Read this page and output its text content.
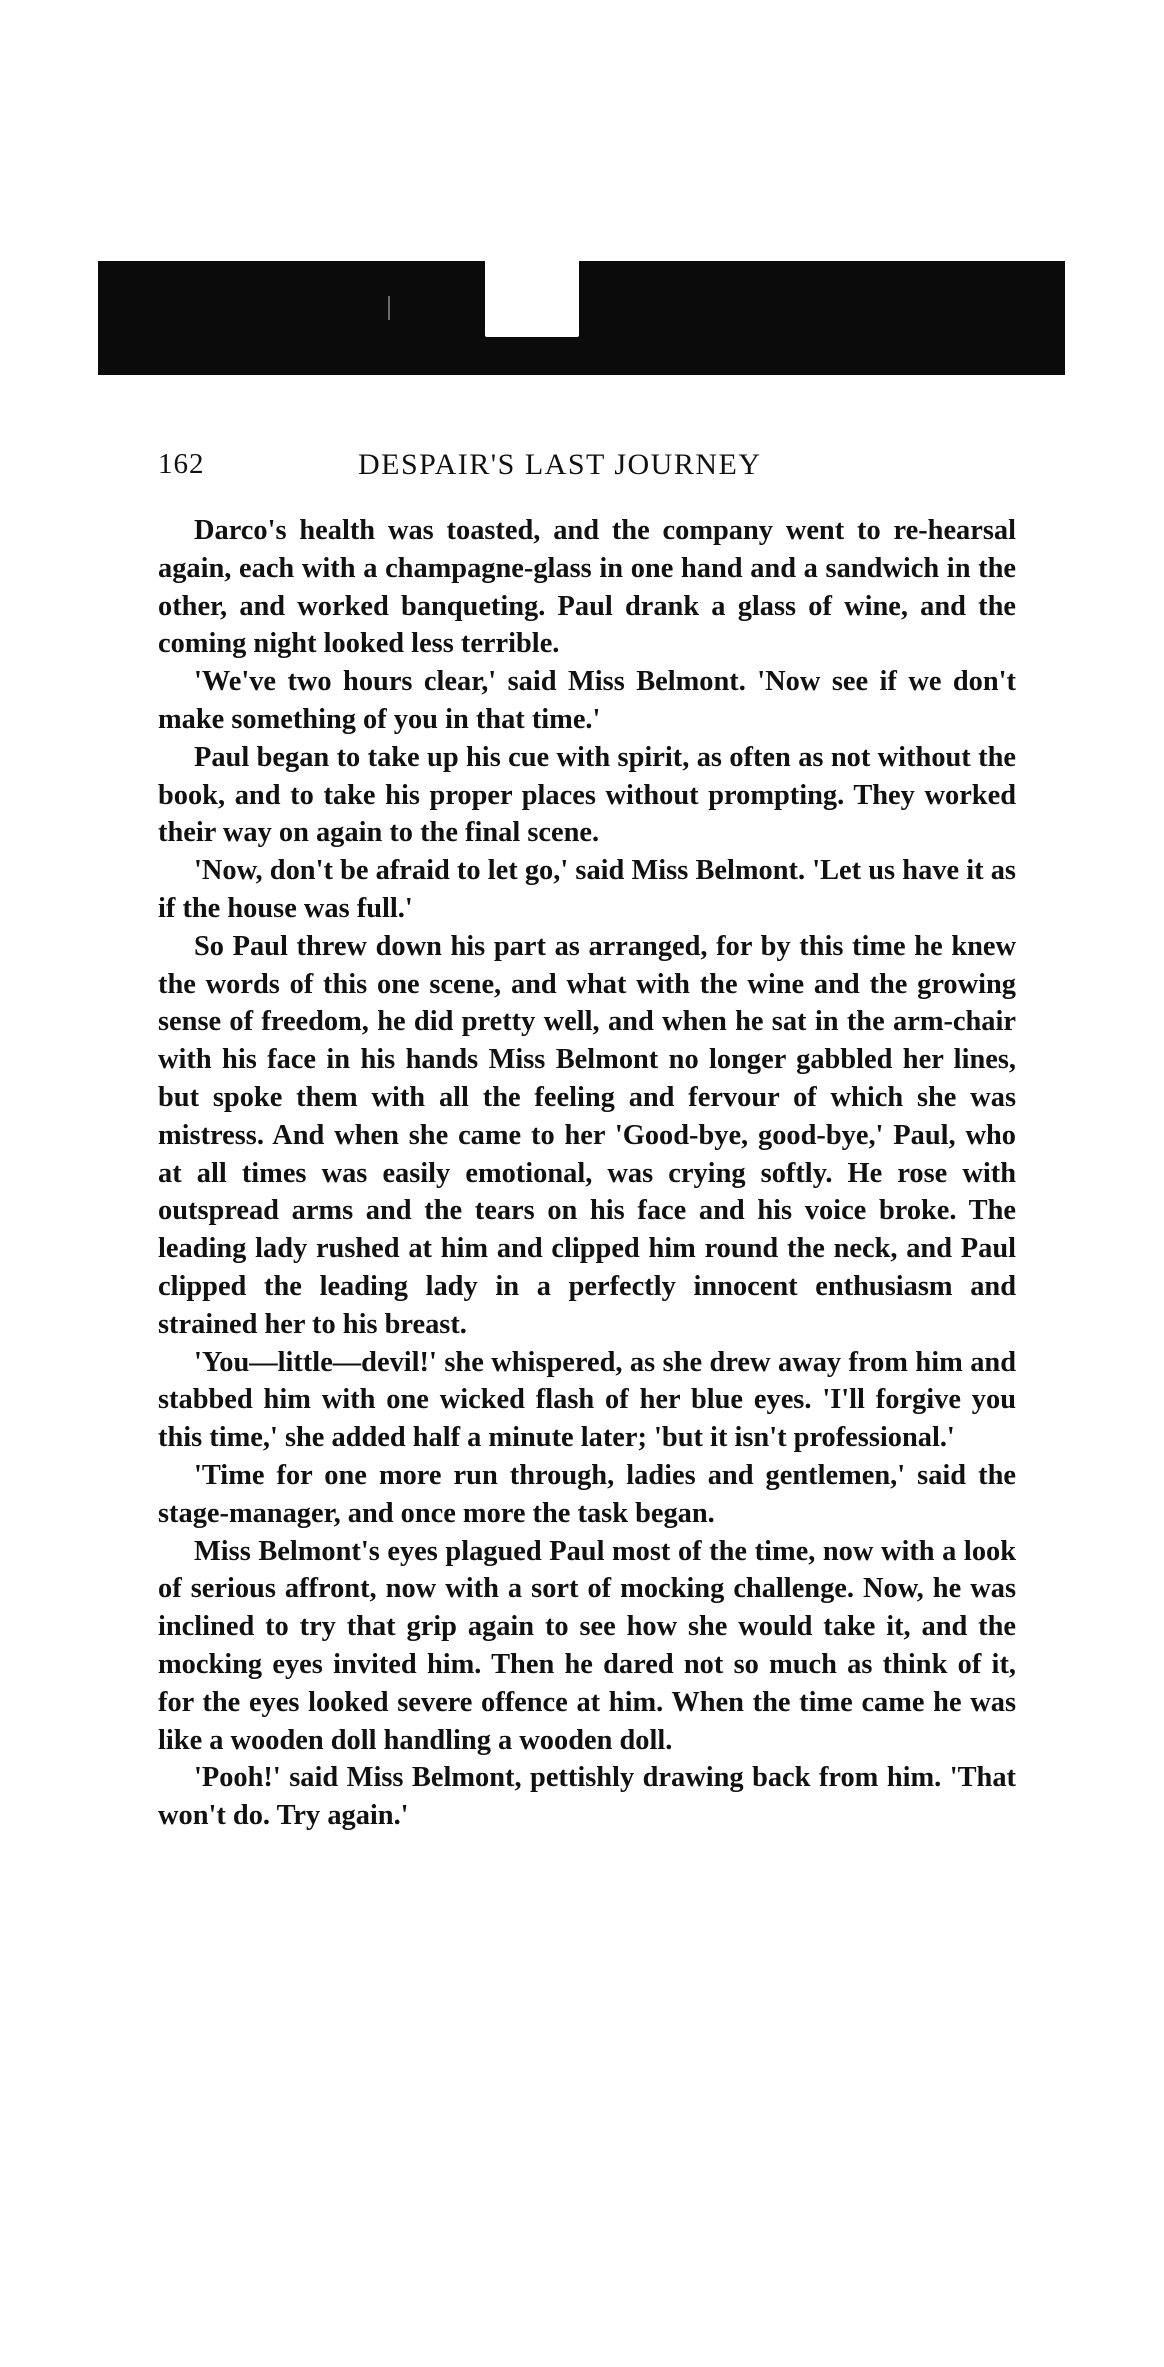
162	DESPAIR'S LAST JOURNEY

Darco's health was toasted, and the company went to re-hearsal again, each with a champagne-glass in one hand and a sandwich in the other, and worked banqueting. Paul drank a glass of wine, and the coming night looked less terrible.

'We've two hours clear,' said Miss Belmont. 'Now see if we don't make something of you in that time.'

Paul began to take up his cue with spirit, as often as not without the book, and to take his proper places without prompting. They worked their way on again to the final scene.

'Now, don't be afraid to let go,' said Miss Belmont. 'Let us have it as if the house was full.'

So Paul threw down his part as arranged, for by this time he knew the words of this one scene, and what with the wine and the growing sense of freedom, he did pretty well, and when he sat in the arm-chair with his face in his hands Miss Belmont no longer gabbled her lines, but spoke them with all the feeling and fervour of which she was mistress. And when she came to her 'Good-bye, good-bye,' Paul, who at all times was easily emotional, was crying softly. He rose with outspread arms and the tears on his face and his voice broke. The leading lady rushed at him and clipped him round the neck, and Paul clipped the leading lady in a perfectly innocent enthusiasm and strained her to his breast.

'You—little—devil!' she whispered, as she drew away from him and stabbed him with one wicked flash of her blue eyes. 'I'll forgive you this time,' she added half a minute later; 'but it isn't professional.'

'Time for one more run through, ladies and gentlemen,' said the stage-manager, and once more the task began.

Miss Belmont's eyes plagued Paul most of the time, now with a look of serious affront, now with a sort of mocking challenge. Now, he was inclined to try that grip again to see how she would take it, and the mocking eyes invited him. Then he dared not so much as think of it, for the eyes looked severe offence at him. When the time came he was like a wooden doll handling a wooden doll.

'Pooh!' said Miss Belmont, pettishly drawing back from him. 'That won't do. Try again.'
